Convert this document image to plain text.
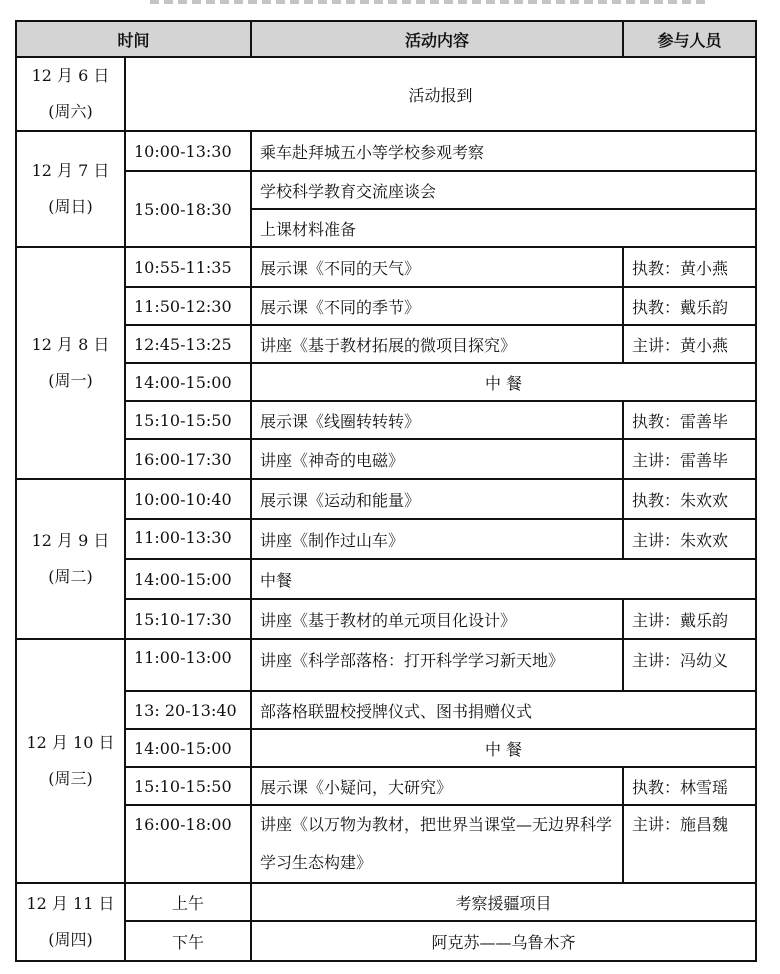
时间		活动内容	参与人员

12 月 6 日
(周六)	活动报到		

12 月 7 日
(周日)	10:00-13:30	乘车赴拜城五小等学校参观考察	
	15:00-18:30	学校科学教育交流座谈会	
		上课材料准备	

12 月 8 日
(周一)	10:55-11:35	展示课《不同的天气》	执教：黄小燕
	11:50-12:30	展示课《不同的季节》	执教：戴乐韵
	12:45-13:25	讲座《基于教材拓展的微项目探究》	主讲：黄小燕
	14:00-15:00	中 餐	
	15:10-15:50	展示课《线圈转转转》	执教：雷善毕
	16:00-17:30	讲座《神奇的电磁》	主讲：雷善毕

12 月 9 日
(周二)	10:00-10:40	展示课《运动和能量》	执教：朱欢欢
	11:00-13:30	讲座《制作过山车》	主讲：朱欢欢
	14:00-15:00	中餐	
	15:10-17:30	讲座《基于教材的单元项目化设计》	主讲：戴乐韵

12 月 10 日
(周三)	11:00-13:00	讲座《科学部落格：打开科学学习新天地》	主讲：冯幼义
	13: 20-13:40	部落格联盟校授牌仪式、图书捐赠仪式	
	14:00-15:00	中 餐	
	15:10-15:50	展示课《小疑问，大研究》	执教：林雪瑶
	16:00-18:00	讲座《以万物为教材，把世界当课堂—无边界科学学习生态构建》	主讲：施昌魏

12 月 11 日
(周四)	上午	考察援疆项目	
	下午	阿克苏——乌鲁木齐	
